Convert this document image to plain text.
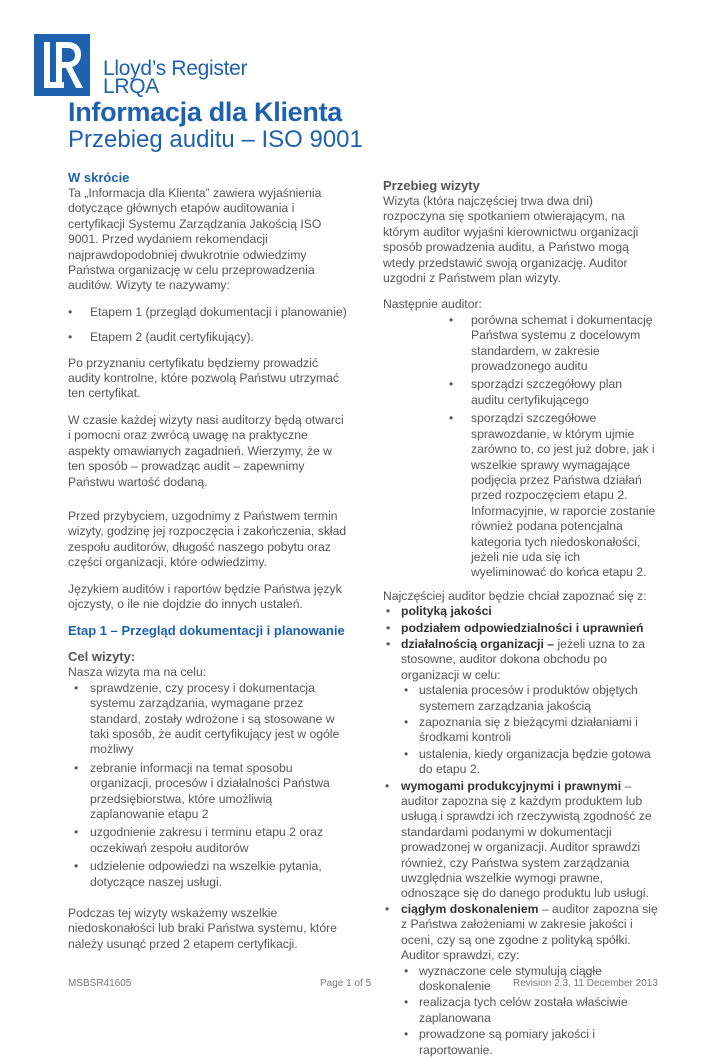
Lloyd’s Register
LRQA
Informacja dla Klienta
Przebieg auditu – ISO 9001
W skrócie

Ta „Informacja dla Klienta” zawiera wyjaśnienia dotyczące głównych etapów auditowania i certyfikacji Systemu Zarządzania Jakością ISO 9001. Przed wydaniem rekomendacji najprawdopodobniej dwukrotnie odwiedzimy Państwa organizację w celu przeprowadzenia auditów. Wizyty te nazywamy:

• Etapem 1 (przegląd dokumentacji i planowanie)
• Etapem 2 (audit certyfikujący).

Po przyznaniu certyfikatu będziemy prowadzić audity kontrolne, które pozwolą Państwu utrzymać ten certyfikat.

W czasie każdej wizyty nasi auditorzy będą otwarci i pomocni oraz zwrócą uwagę na praktyczne aspekty omawianych zagadnień. Wierzymy, że w ten sposób – prowadząc audit – zapewnimy Państwu wartość dodaną.

Przed przybyciem, uzgodnimy z Państwem termin wizyty, godzinę jej rozpoczęcia i zakończenia, skład zespołu auditorów, długość naszego pobytu oraz części organizacji, które odwiedzimy.

Językiem auditów i raportów będzie Państwa język ojczysty, o ile nie dojdzie do innych ustaleń.

Etap 1 – Przegląd dokumentacji i planowanie
Cel wizyty:
Nasza wizyta ma na celu:
• sprawdzenie, czy procesy i dokumentacja systemu zarządzania, wymagane przez standard, zostały wdrożone i są stosowane w taki sposób, że audit certyfikujący jest w ogóle możliwy
• zebranie informacji na temat sposobu organizacji, procesów i działalności Państwa przedsiębiorstwa, które umożliwią zaplanowanie etapu 2
• uzgodnienie zakresu i terminu etapu 2 oraz oczekiwań zespołu auditorów
• udzielenie odpowiedzi na wszelkie pytania, dotyczące naszej usługi.

Podczas tej wizyty wskażemy wszelkie niedoskonałości lub braki Państwa systemu, które należy usunąć przed 2 etapem certyfikacji.

Przebieg wizyty

Wizyta (która najczęściej trwa dwa dni) rozpoczyna się spotkaniem otwierającym, na którym auditor wyjaśni kierownictwu organizacji sposób prowadzenia auditu, a Państwo mogą wtedy przedstawić swoją organizację. Auditor uzgodni z Państwem plan wizyty.

Następnie auditor:
• porówna schemat i dokumentację Państwa systemu z docelowym standardem, w zakresie prowadzonego auditu
• sporządzi szczegółowy plan auditu certyfikującego
• sporządzi szczegółowe sprawozdanie, w którym ujmie zarówno to, co jest już dobre, jak i wszelkie sprawy wymagające podjęcia przez Państwa działań przed rozpoczęciem etapu 2. Informacyjnie, w raporcie zostanie również podana potencjalna kategoria tych niedoskonałości, jeżeli nie uda się ich wyeliminować do końca etapu 2.
Najczęściej auditor będzie chciał zapoznać się z:
• polityką jakości
• podziałem odpowiedzialności i uprawnień
• działalnością organizacji – jeżeli uzna to za stosowne, auditor dokona obchodu po organizacji w celu:
• ustalenia procesów i produktów objętych systemem zarządzania jakością
• zapoznania się z bieżącymi działaniami i środkami kontroli
• ustalenia, kiedy organizacja będzie gotowa do etapu 2.
• wymogami produkcyjnymi i prawnymi – auditor zapozna się z każdym produktem lub usługą i sprawdzi ich rzeczywistą zgodność ze standardami podanymi w dokumentacji prowadzonej w organizacji. Auditor sprawdzi również, czy Państwa system zarządzania uwzględnia wszelkie wymogi prawne, odnoszące się do danego produktu lub usługi.
• ciągłym doskonaleniem – auditor zapozna się z Państwa założeniami w zakresie jakości i oceni, czy są one zgodne z polityką spółki. Auditor sprawdzi, czy:
• wyznaczone cele stymulują ciągłe doskonalenie
• realizacja tych celów została właściwie zaplanowana
• prowadzone są pomiary jakości i raportowanie.
MSBSR41605	Page 1 of 5	Revision 2.3, 11 December 2013
